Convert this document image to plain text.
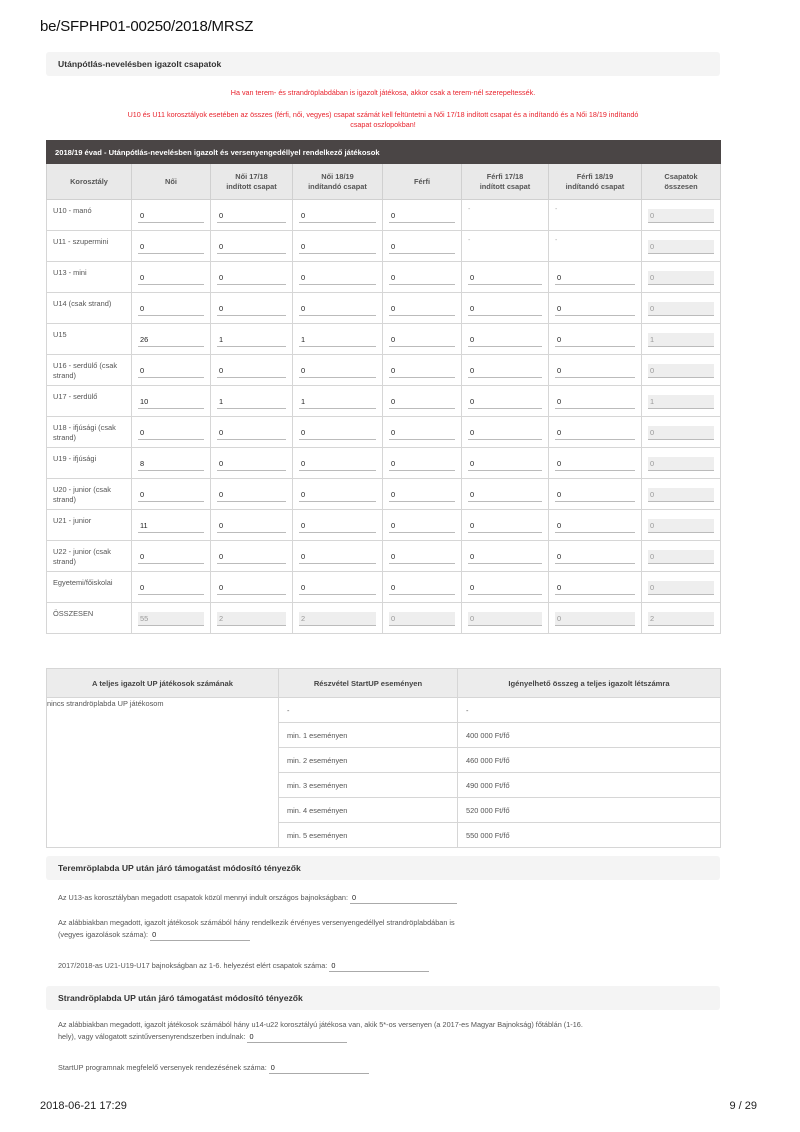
be/SFPHP01-00250/2018/MRSZ
Utánpótlás-nevelésben igazolt csapatok
Ha van terem- és strandröplabdában is igazolt játékosa, akkor csak a terem-nél szerepeltessék.
U10 és U11 korosztályok esetében az összes (férfi, női, vegyes) csapat számát kell feltüntetni a Női 17/18 indított csapat és a indítandó és a Női 18/19 indítandó
csapat oszlopokban!
2018/19 évad - Utánpótlás-nevelésben igazolt és versenyengedéllyel rendelkező játékosok							
Korosztály	Női	Női 17/18
indított csapat	Női 18/19
indítandó csapat	Férfi	Férfi 17/18
indított csapat	Férfi 18/19
indítandó csapat	Csapatok
összesen
U10 - manó	0	0	0	0	-	-	0

U11 - szupermini	0	0	0	0	-	-	0

U13 - mini	0	0	0	0	0	0	0

U14 (csak strand)	0	0	0	0	0	0	0

U15	26	1	1	0	0	0	1

U16 - serdülő (csak strand)	0	0	0	0	0	0	0

U17 - serdülő	10	1	1	0	0	0	1

U18 - ifjúsági (csak strand)	0	0	0	0	0	0	0

U19 - ifjúsági	8	0	0	0	0	0	0

U20 - junior (csak strand)	0	0	0	0	0	0	0

U21 - junior	11	0	0	0	0	0	0

U22 - junior (csak strand)	0	0	0	0	0	0	0

Egyetemi/főiskolai	0	0	0	0	0	0	0

ÖSSZESEN	55	2	2	0	0	0	2
A teljes igazolt UP játékosok számának	Részvétel StartUP eseményen	Igényelhető összeg a teljes igazolt létszámra
nincs strandröplabda UP játékosom	-	-
	min. 1 eseményen	400 000 Ft/fő
	min. 2 eseményen	460 000 Ft/fő
	min. 3 eseményen	490 000 Ft/fő
	min. 4 eseményen	520 000 Ft/fő
	min. 5 eseményen	550 000 Ft/fő
Teremröplabda UP után járó támogatást módosító tényezők
Az U13-as korosztályban megadott csapatok közül mennyi indult országos bajnokságban: 0
Az alábbiakban megadott, igazolt játékosok számából hány rendelkezik érvényes versenyengedéllyel strandröplabdában is
(vegyes igazolások száma): 0
2017/2018-as U21-U19-U17 bajnokságban az 1-6. helyezést elért csapatok száma: 0
Strandröplabda UP után járó támogatást módosító tényezők
Az alábbiakban megadott, igazolt játékosok számából hány u14-u22 korosztályú játékosa van, akik 5*-os versenyen (a 2017-es Magyar Bajnokság) főtáblán (1-16.
hely), vagy válogatott szintűversenyrendszerben indulnak: 0
StartUP programnak megfelelő versenyek rendezésének száma: 0
2018-06-21 17:29	9 / 29
